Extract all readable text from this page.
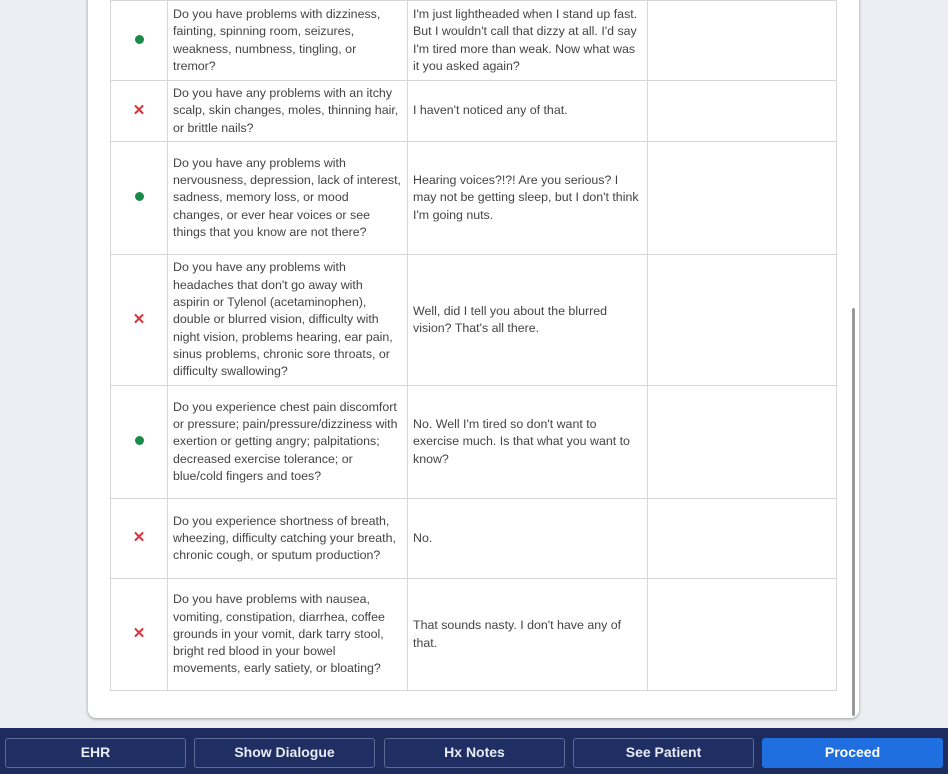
	Do you have problems with dizziness, fainting, spinning room, seizures, weakness, numbness, tingling, or tremor?	I'm just lightheaded when I stand up fast. But I wouldn't call that dizzy at all. I'd say I'm tired more than weak. Now what was it you asked again?	
✕	Do you have any problems with an itchy scalp, skin changes, moles, thinning hair, or brittle nails?	I haven't noticed any of that.	
	Do you have any problems with nervousness, depression, lack of interest, sadness, memory loss, or mood changes, or ever hear voices or see things that you know are not there?	Hearing voices?!?! Are you serious? I may not be getting sleep, but I don't think I'm going nuts.	
✕	Do you have any problems with headaches that don't go away with aspirin or Tylenol (acetaminophen), double or blurred vision, difficulty with night vision, problems hearing, ear pain, sinus problems, chronic sore throats, or difficulty swallowing?	Well, did I tell you about the blurred vision? That's all there.	
	Do you experience chest pain discomfort or pressure; pain/pressure/dizziness with exertion or getting angry; palpitations; decreased exercise tolerance; or blue/cold fingers and toes?	No. Well I'm tired so don't want to exercise much. Is that what you want to know?	
✕	Do you experience shortness of breath, wheezing, difficulty catching your breath, chronic cough, or sputum production?	No.	
✕	Do you have problems with nausea, vomiting, constipation, diarrhea, coffee grounds in your vomit, dark tarry stool, bright red blood in your bowel movements, early satiety, or bloating?	That sounds nasty. I don't have any of that.	
EHR	Show Dialogue	Hx Notes	See Patient	Proceed
